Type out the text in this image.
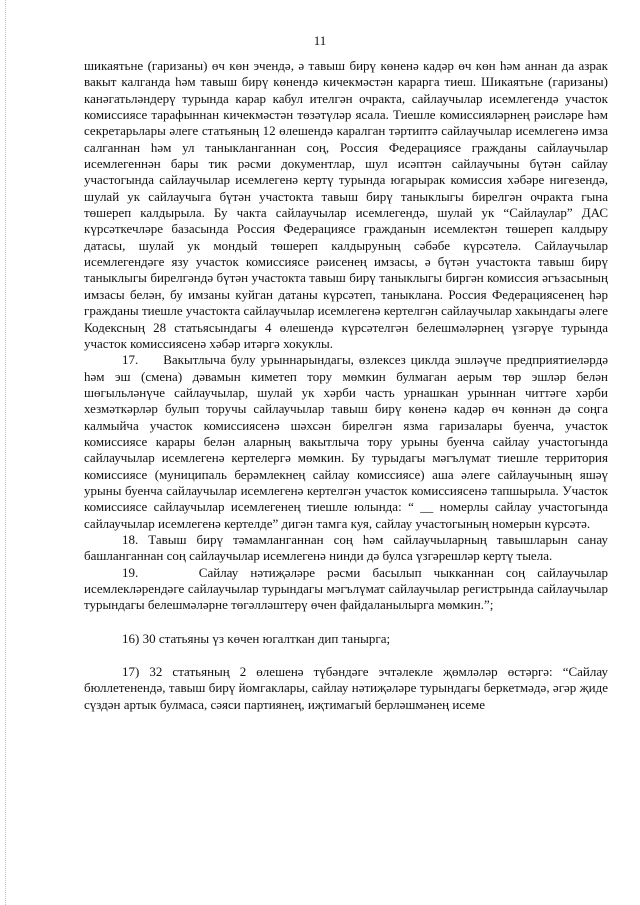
11

шикаятьне (гаризаны) өч көн эчендә, ә тавыш бирү көненә кадәр өч көн һәм аннан да азрак вакыт калганда һәм тавыш бирү көнендә кичекмәстән караргa тиеш. Шикаятьне (гаризаны) канәгатьләндерү турында карар кабул ителгән очракта, сайлаучылар исемлегендә участок комиссиясе тарафыннан кичекмәстән төзәтүләр ясала. Тиешле комиссияләрнең рәисләре һәм секретарьлары әлеге статьяның 12 өлешендә каралган тәртиптә сайлаучылар исемлегенә имза салганнан һәм ул таныкланганнан соң, Россия Федерациясе гражданы сайлаучылар исемлегеннән бары тик рәсми документлар, шул исәптән сайлаучыны бүтән сайлау участогында сайлаучылар исемлегенә кертү турында югарырак комиссия хәбәре нигезендә, шулай ук сайлаучыга бүтән участокта тавыш бирү таныклыгы бирелгән очракта гына төшереп калдырыла. Бу чакта сайлаучылар исемлегендә, шулай ук “Сайлаулар” ДАС күрсәткечләре базасында Россия Федерациясе гражданын исемлектән төшереп калдыру датасы, шулай ук мондый төшереп калдыруның сәбәбе күрсәтелә. Сайлаучылар исемлегендәге язу участок комиссиясе рәисенең имзасы, ә бүтән участокта тавыш бирү таныклыгы бирелгәндә бүтән участокта тавыш бирү таныклыгы биргән комиссия әгъзасының имзасы белән, бу имзаны куйган датаны күрсәтеп, таныклана. Россия Федерациясенең һәр гражданы тиешле участокта сайлаучылар исемлегенә кертелгән сайлаучылар хакындагы әлеге Кодексның 28 статьясындагы 4 өлешендә күрсәтелгән белешмәләрнең үзгәрүе турында участок комиссиясенә хәбәр итәргә хокуклы.

17.     Вакытлыча булу урыннарындагы, өзлексез циклда эшләүче предприятиеләрдә һәм эш (смена) дәвамын киметеп тору мөмкин булмаган аерым төр эшләр белән шөгыльләнүче сайлаучылар, шулай ук хәрби часть урнашкан урыннан читтәге хәрби хезмәткәрләр булып торучы сайлаучылар тавыш бирү көненә кадәр өч көннән дә соңга калмыйча участок комиссиясенә шәхсән бирелгән язма гаризалары буенча, участок комиссиясе карары белән аларның вакытлыча тору урыны буенча сайлау участогында сайлаучылар исемлегенә кертелергә мөмкин. Бу турыдагы мәгълүмат тиешле территория комиссиясе (муниципаль берәмлекнең сайлау комиссиясе) аша әлеге сайлаучының яшәү урыны буенча сайлаучылар исемлегенә кертелгән участок комиссиясенә тапшырыла. Участок комиссиясе сайлаучылар исемлегенең тиешле юлында: “ __ номерлы сайлау участогында сайлаучылар исемлегенә кертелде” дигән тамга куя, сайлау участогының номерын күрсәтә.

18. Тавыш бирү тәмамланганнан соң һәм сайлаучыларның тавышларын санау башланганнан соң сайлаучылар исемлегенә нинди дә булса үзгәрешләр кертү тыела.

19.     Сайлау нәтиҗәләре рәсми басылып чыкканнан соң сайлаучылар исемлекләрендәге сайлаучылар турындагы мәгълүмат сайлаучылар регистрында сайлаучылар турындагы белешмәләрне төгәлләштерү өчен файдаланылырга мөмкин.”;

16) 30 статьяны үз көчен югалткан дип танырга;

17) 32 статьяның 2 өлешенә түбәндәге эчтәлекле җөмләләр өстәргә: “Сайлау бюллетенендә, тавыш бирү йомгаклары, сайлау нәтиҗәләре турындагы беркетмәдә, әгәр җиде сүздән артык булмаса, сәяси партиянең, иҗтимагый берләшмәнең исеме
